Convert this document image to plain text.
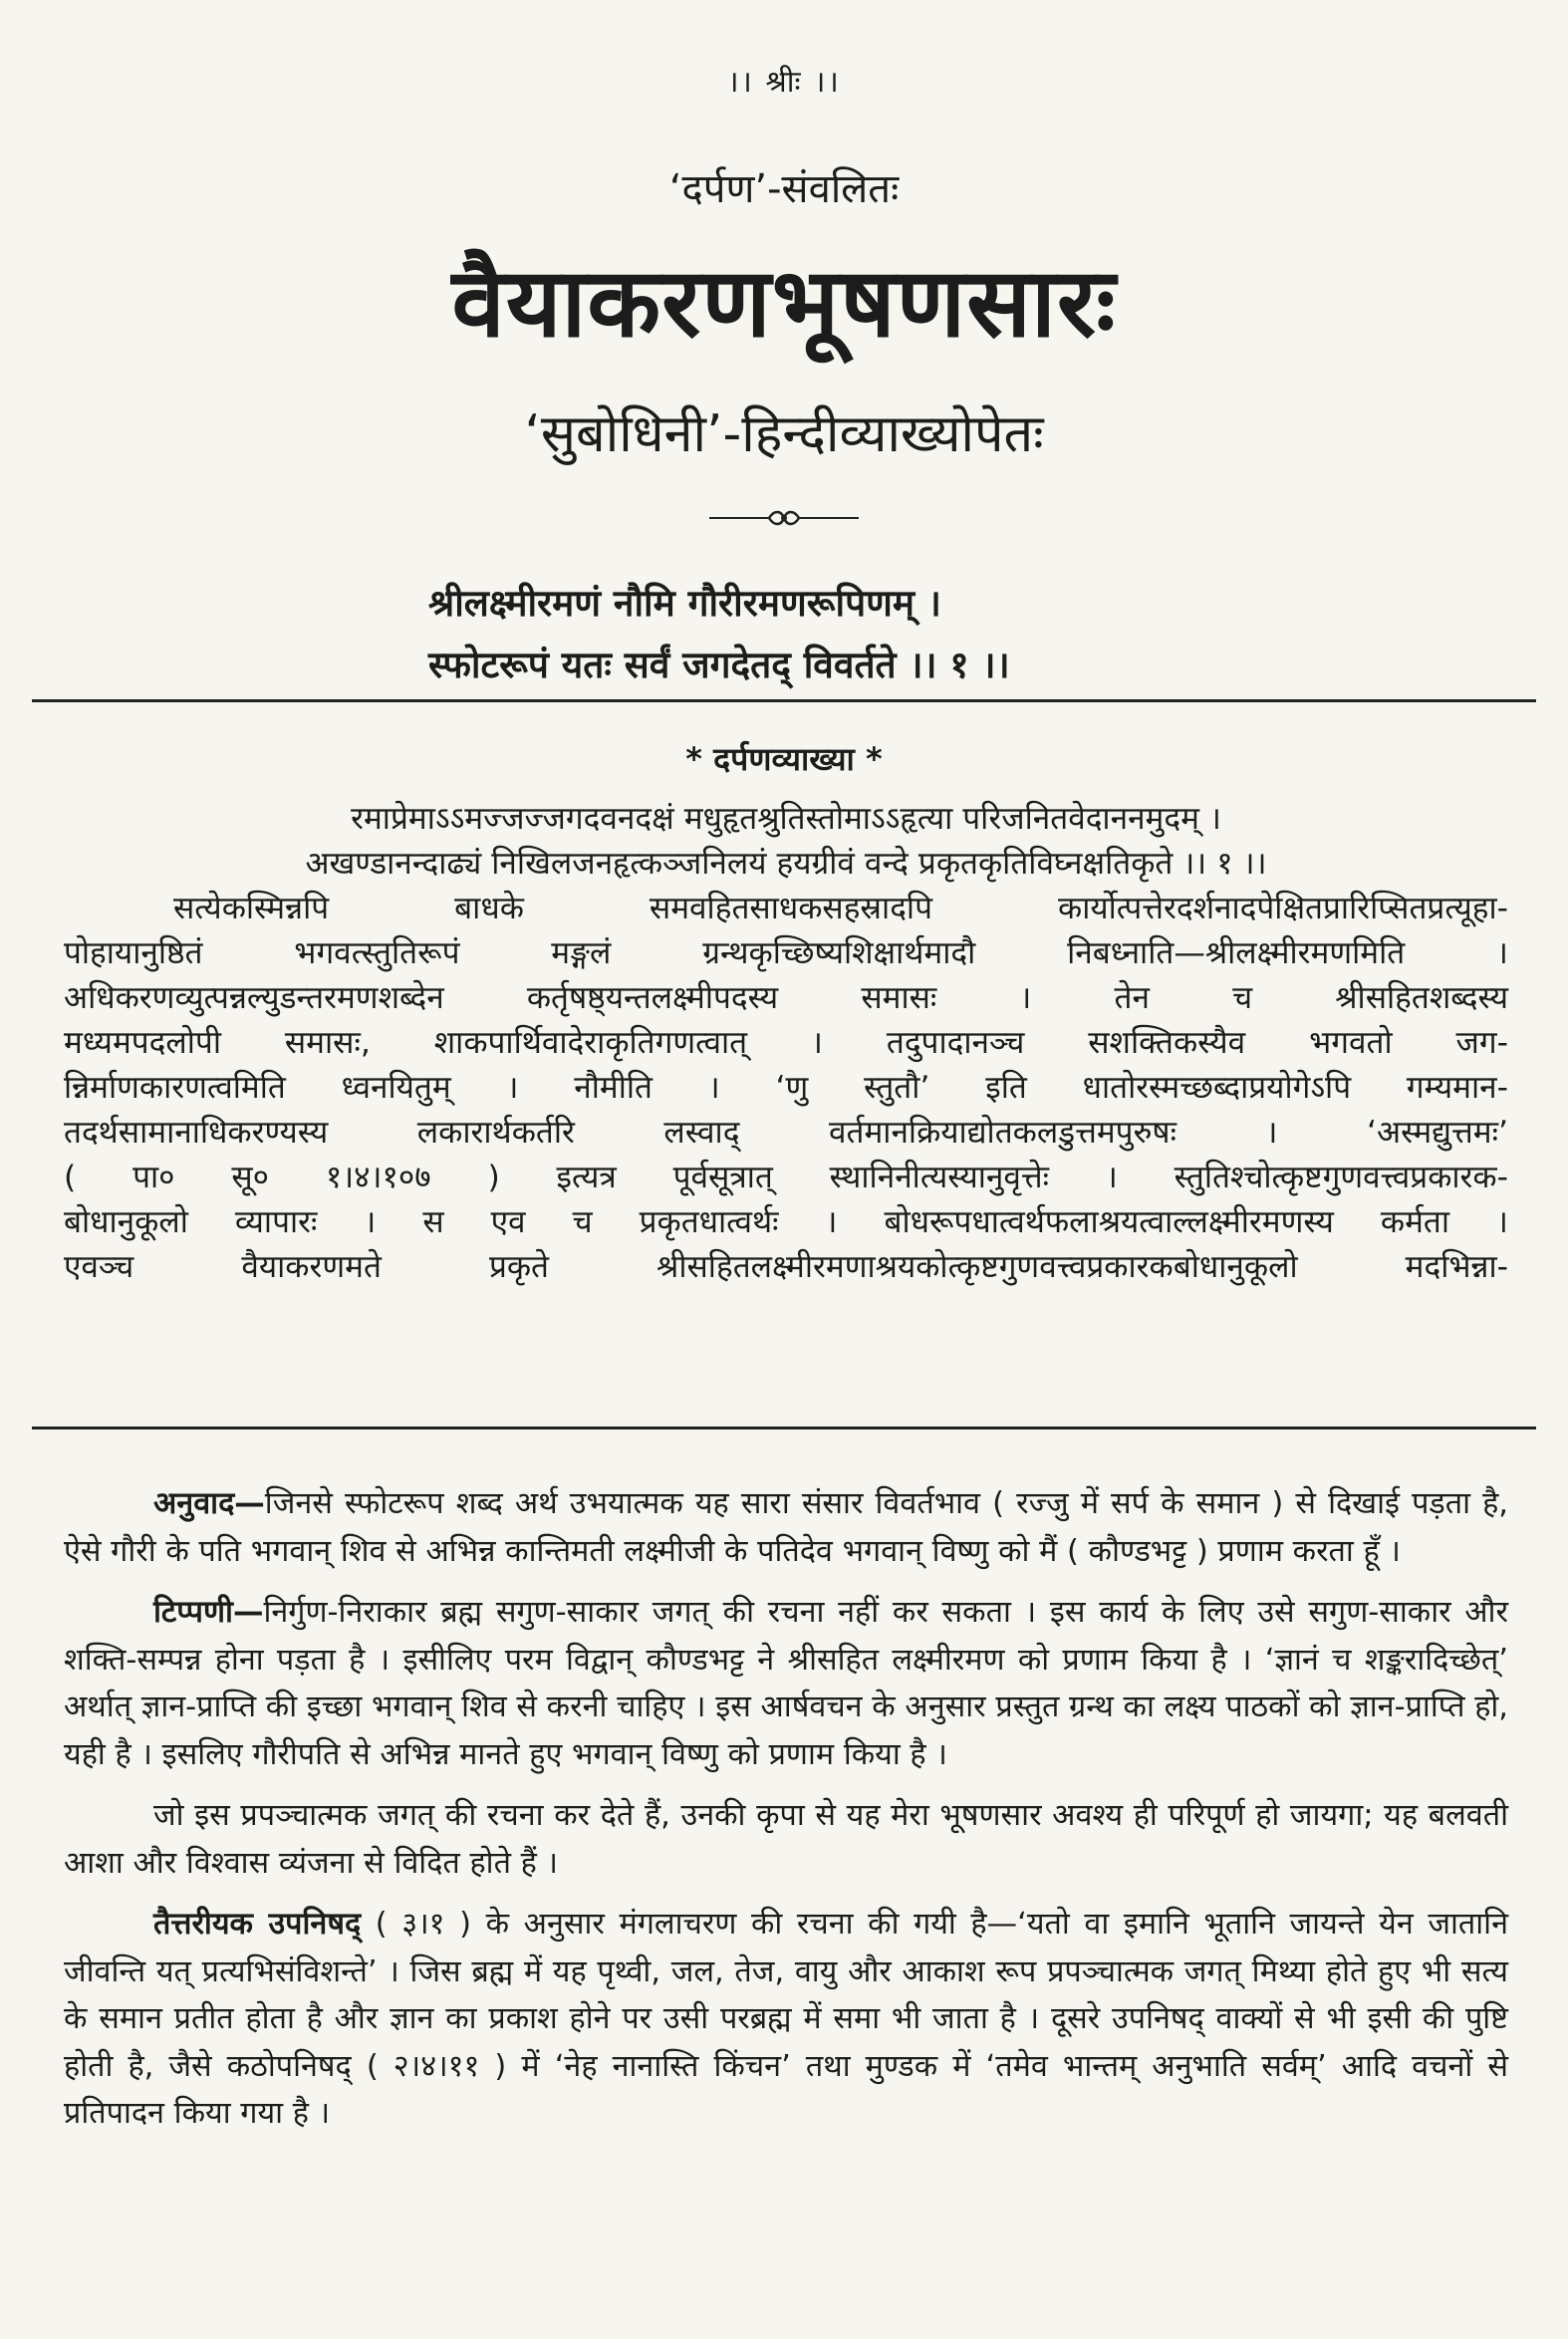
।। श्रीः ।।
‘दर्पण’-संवलितः
वैयाकरणभूषणसारः
‘सुबोधिनी’-हिन्दीव्याख्योपेतः
श्रीलक्ष्मीरमणं नौमि गौरीरमणरूपिणम् ।
स्फोटरूपं यतः सर्वं जगदेतद् विवर्तते ।। १ ।।
* दर्पणव्याख्या *

रमाप्रेमाऽऽमज्जज्जगदवनदक्षं मधुहृतश्रुतिस्तोमाऽऽहृत्या परिजनितवेदाननमुदम् ।

अखण्डानन्दाढ्यं निखिलजनहृत्कञ्जनिलयं हयग्रीवं वन्दे प्रकृतकृतिविघ्नक्षतिकृते ।। १ ।।

सत्येकस्मिन्नपि बाधके समवहितसाधकसहस्रादपि कार्योत्पत्तेरदर्शनादपेक्षितप्रारिप्सितप्रत्यूहा-

पोहायानुष्ठितं भगवत्स्तुतिरूपं मङ्गलं ग्रन्थकृच्छिष्यशिक्षार्थमादौ निबध्नाति—श्रीलक्ष्मीरमणमिति ।

अधिकरणव्युत्पन्नल्युडन्तरमणशब्देन कर्तृषष्ठ्यन्तलक्ष्मीपदस्य समासः । तेन च श्रीसहितशब्दस्य

मध्यमपदलोपी समासः, शाकपार्थिवादेराकृतिगणत्वात् । तदुपादानञ्च सशक्तिकस्यैव भगवतो जग-

न्निर्माणकारणत्वमिति ध्वनयितुम् । नौमीति । ‘णु स्तुतौ’ इति धातोरस्मच्छब्दाप्रयोगेऽपि गम्यमान-

तदर्थसामानाधिकरण्यस्य लकारार्थकर्तरि लस्वाद् वर्तमानक्रियाद्योतकलडुत्तमपुरुषः । ‘अस्मद्युत्तमः’

( पा० सू० १।४।१०७ ) इत्यत्र पूर्वसूत्रात् स्थानिनीत्यस्यानुवृत्तेः । स्तुतिश्चोत्कृष्टगुणवत्त्वप्रकारक-

बोधानुकूलो व्यापारः । स एव च प्रकृतधात्वर्थः । बोधरूपधात्वर्थफलाश्रयत्वाल्लक्ष्मीरमणस्य कर्मता ।

एवञ्च वैयाकरणमते प्रकृते श्रीसहितलक्ष्मीरमणाश्रयकोत्कृष्टगुणवत्त्वप्रकारकबोधानुकूलो मदभिन्ना-

अनुवाद—जिनसे स्फोटरूप शब्द अर्थ उभयात्मक यह सारा संसार विवर्तभाव ( रज्जु में सर्प के समान ) से दिखाई पड़ता है, ऐसे गौरी के पति भगवान् शिव से अभिन्न कान्तिमती लक्ष्मीजी के पतिदेव भगवान् विष्णु को मैं ( कौण्डभट्ट ) प्रणाम करता हूँ ।

टिप्पणी—निर्गुण-निराकार ब्रह्म सगुण-साकार जगत् की रचना नहीं कर सकता । इस कार्य के लिए उसे सगुण-साकार और शक्ति-सम्पन्न होना पड़ता है । इसीलिए परम विद्वान् कौण्डभट्ट ने श्रीसहित लक्ष्मीरमण को प्रणाम किया है । ‘ज्ञानं च शङ्करादिच्छेत्’ अर्थात् ज्ञान-प्राप्ति की इच्छा भगवान् शिव से करनी चाहिए । इस आर्षवचन के अनुसार प्रस्तुत ग्रन्थ का लक्ष्य पाठकों को ज्ञान-प्राप्ति हो, यही है । इसलिए गौरीपति से अभिन्न मानते हुए भगवान् विष्णु को प्रणाम किया है ।

जो इस प्रपञ्चात्मक जगत् की रचना कर देते हैं, उनकी कृपा से यह मेरा भूषणसार अवश्य ही परिपूर्ण हो जायगा; यह बलवती आशा और विश्वास व्यंजना से विदित होते हैं ।

तैत्तरीयक उपनिषद् ( ३।१ ) के अनुसार मंगलाचरण की रचना की गयी है—‘यतो वा इमानि भूतानि जायन्ते येन जातानि जीवन्ति यत् प्रत्यभिसंविशन्ते’ । जिस ब्रह्म में यह पृथ्वी, जल, तेज, वायु और आकाश रूप प्रपञ्चात्मक जगत् मिथ्या होते हुए भी सत्य के समान प्रतीत होता है और ज्ञान का प्रकाश होने पर उसी परब्रह्म में समा भी जाता है । दूसरे उपनिषद् वाक्यों से भी इसी की पुष्टि होती है, जैसे कठोपनिषद् ( २।४।११ ) में ‘नेह नानास्ति किंचन’ तथा मुण्डक में ‘तमेव भान्तम् अनुभाति सर्वम्’ आदि वचनों से प्रतिपादन किया गया है ।
